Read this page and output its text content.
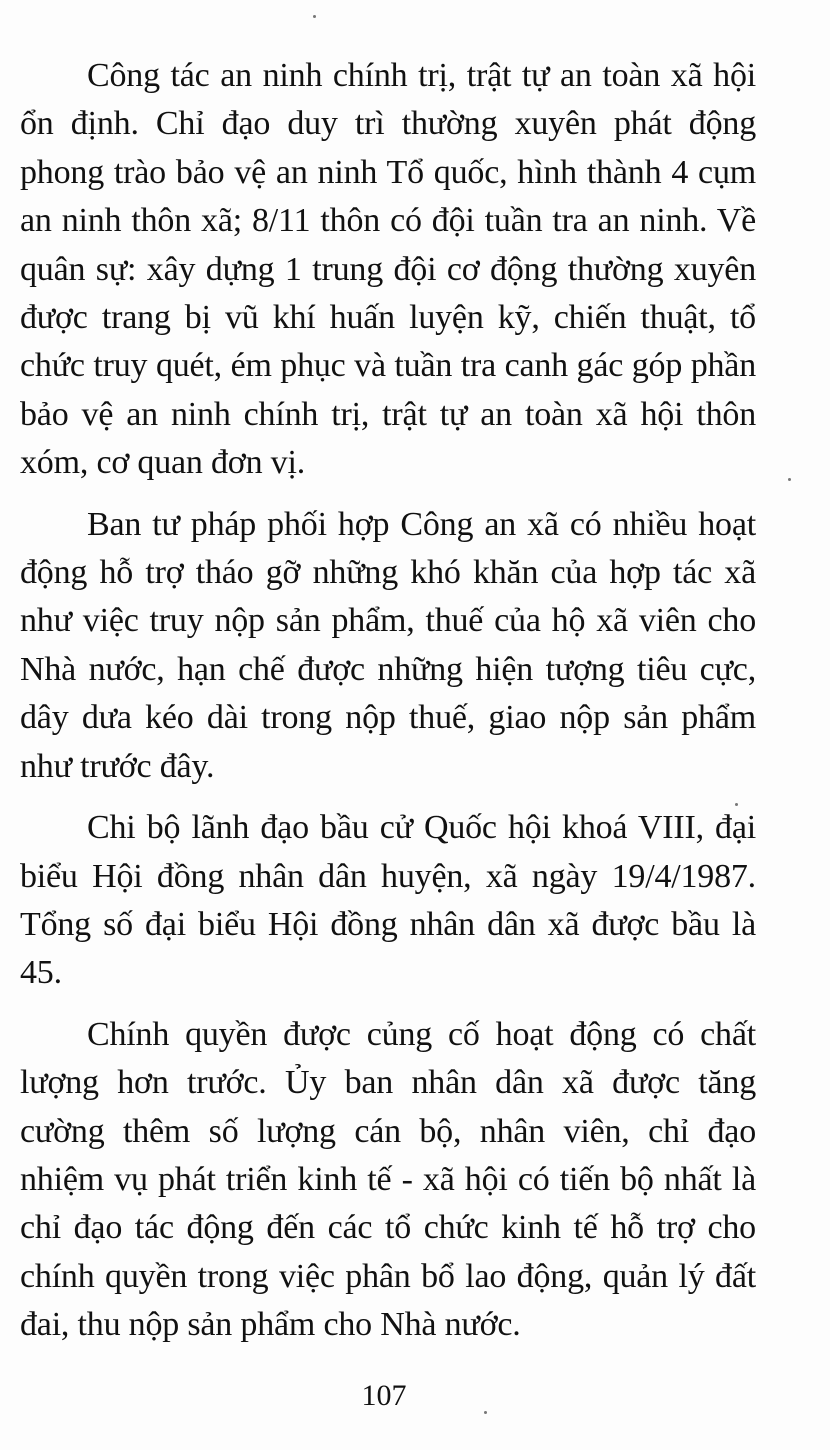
Công tác an ninh chính trị, trật tự an toàn xã hội ổn định. Chỉ đạo duy trì thường xuyên phát động phong trào bảo vệ an ninh Tổ quốc, hình thành 4 cụm an ninh thôn xã; 8/11 thôn có đội tuần tra an ninh. Về quân sự: xây dựng 1 trung đội cơ động thường xuyên được trang bị vũ khí huấn luyện kỹ, chiến thuật, tổ chức truy quét, ém phục và tuần tra canh gác góp phần bảo vệ an ninh chính trị, trật tự an toàn xã hội thôn xóm, cơ quan đơn vị.

Ban tư pháp phối hợp Công an xã có nhiều hoạt động hỗ trợ tháo gỡ những khó khăn của hợp tác xã như việc truy nộp sản phẩm, thuế của hộ xã viên cho Nhà nước, hạn chế được những hiện tượng tiêu cực, dây dưa kéo dài trong nộp thuế, giao nộp sản phẩm như trước đây.

Chi bộ lãnh đạo bầu cử Quốc hội khoá VIII, đại biểu Hội đồng nhân dân huyện, xã ngày 19/4/1987. Tổng số đại biểu Hội đồng nhân dân xã được bầu là 45.

Chính quyền được củng cố hoạt động có chất lượng hơn trước. Ủy ban nhân dân xã được tăng cường thêm số lượng cán bộ, nhân viên, chỉ đạo nhiệm vụ phát triển kinh tế - xã hội có tiến bộ nhất là chỉ đạo tác động đến các tổ chức kinh tế hỗ trợ cho chính quyền trong việc phân bổ lao động, quản lý đất đai, thu nộp sản phẩm cho Nhà nước.

107
